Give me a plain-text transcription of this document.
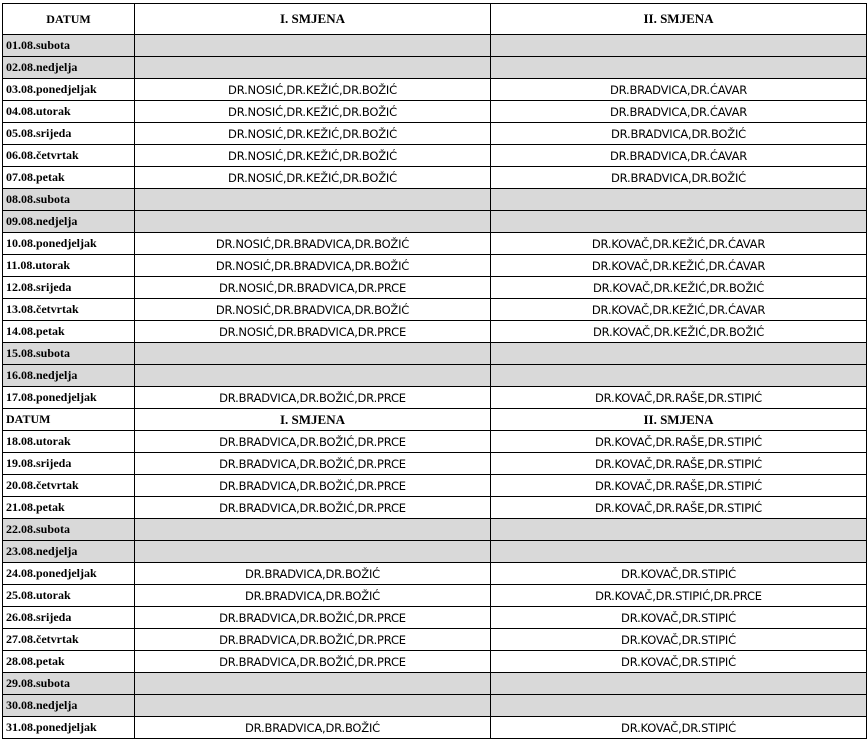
DATUM	I. SMJENA	II. SMJENA
01.08.subota		
02.08.nedjelja		
03.08.ponedjeljak	DR.NOSIĆ,DR.KEŽIĆ,DR.BOŽIĆ	DR.BRADVICA,DR.ĆAVAR
04.08.utorak	DR.NOSIĆ,DR.KEŽIĆ,DR.BOŽIĆ	DR.BRADVICA,DR.ĆAVAR
05.08.srijeda	DR.NOSIĆ,DR.KEŽIĆ,DR.BOŽIĆ	DR.BRADVICA,DR.BOŽIĆ
06.08.četvrtak	DR.NOSIĆ,DR.KEŽIĆ,DR.BOŽIĆ	DR.BRADVICA,DR.ĆAVAR
07.08.petak	DR.NOSIĆ,DR.KEŽIĆ,DR.BOŽIĆ	DR.BRADVICA,DR.BOŽIĆ
08.08.subota		
09.08.nedjelja		
10.08.ponedjeljak	DR.NOSIĆ,DR.BRADVICA,DR.BOŽIĆ	DR.KOVAČ,DR.KEŽIĆ,DR.ĆAVAR
11.08.utorak	DR.NOSIĆ,DR.BRADVICA,DR.BOŽIĆ	DR.KOVAČ,DR.KEŽIĆ,DR.ĆAVAR
12.08.srijeda	DR.NOSIĆ,DR.BRADVICA,DR.PRCE	DR.KOVAČ,DR.KEŽIĆ,DR.BOŽIĆ
13.08.četvrtak	DR.NOSIĆ,DR.BRADVICA,DR.BOŽIĆ	DR.KOVAČ,DR.KEŽIĆ,DR.ĆAVAR
14.08.petak	DR.NOSIĆ,DR.BRADVICA,DR.PRCE	DR.KOVAČ,DR.KEŽIĆ,DR.BOŽIĆ
15.08.subota		
16.08.nedjelja		
17.08.ponedjeljak	DR.BRADVICA,DR.BOŽIĆ,DR.PRCE	DR.KOVAČ,DR.RAŠE,DR.STIPIĆ
DATUM	I. SMJENA	II. SMJENA
18.08.utorak	DR.BRADVICA,DR.BOŽIĆ,DR.PRCE	DR.KOVAČ,DR.RAŠE,DR.STIPIĆ
19.08.srijeda	DR.BRADVICA,DR.BOŽIĆ,DR.PRCE	DR.KOVAČ,DR.RAŠE,DR.STIPIĆ
20.08.četvrtak	DR.BRADVICA,DR.BOŽIĆ,DR.PRCE	DR.KOVAČ,DR.RAŠE,DR.STIPIĆ
21.08.petak	DR.BRADVICA,DR.BOŽIĆ,DR.PRCE	DR.KOVAČ,DR.RAŠE,DR.STIPIĆ
22.08.subota		
23.08.nedjelja		
24.08.ponedjeljak	DR.BRADVICA,DR.BOŽIĆ	DR.KOVAČ,DR.STIPIĆ
25.08.utorak	DR.BRADVICA,DR.BOŽIĆ	DR.KOVAČ,DR.STIPIĆ,DR.PRCE
26.08.srijeda	DR.BRADVICA,DR.BOŽIĆ,DR.PRCE	DR.KOVAČ,DR.STIPIĆ
27.08.četvrtak	DR.BRADVICA,DR.BOŽIĆ,DR.PRCE	DR.KOVAČ,DR.STIPIĆ
28.08.petak	DR.BRADVICA,DR.BOŽIĆ,DR.PRCE	DR.KOVAČ,DR.STIPIĆ
29.08.subota		
30.08.nedjelja		
31.08.ponedjeljak	DR.BRADVICA,DR.BOŽIĆ	DR.KOVAČ,DR.STIPIĆ
